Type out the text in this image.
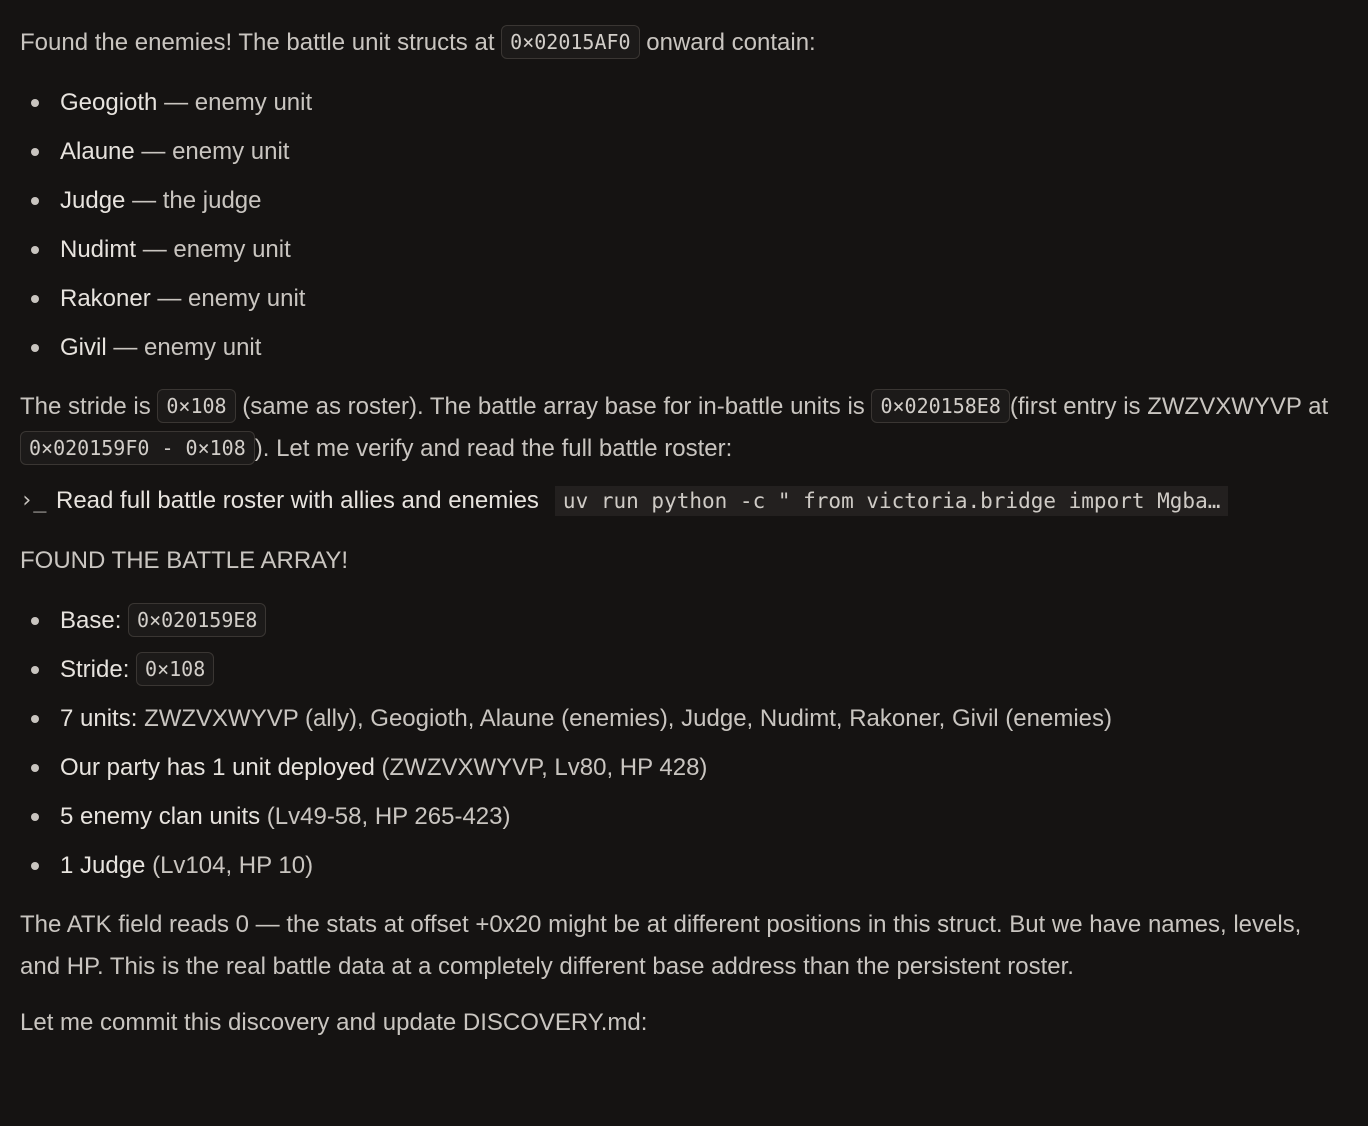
Found the enemies! The battle unit structs at 0×02015AF0 onward contain:

Geogioth — enemy unit
Alaune — enemy unit
Judge — the judge
Nudimt — enemy unit
Rakoner — enemy unit
Givil — enemy unit

The stride is 0×108 (same as roster). The battle array base for in-battle units is 0×020158E8 (first entry is ZWZVXWYVP at 0×020159F0 - 0×108 ). Let me verify and read the full battle roster:

›_ Read full battle roster with allies and enemies	uv run python -c " from victoria.bridge import Mgba…

FOUND THE BATTLE ARRAY!

Base: 0×020159E8
Stride: 0×108
7 units: ZWZVXWYVP (ally), Geogioth, Alaune (enemies), Judge, Nudimt, Rakoner, Givil (enemies)
Our party has 1 unit deployed (ZWZVXWYVP, Lv80, HP 428)
5 enemy clan units (Lv49-58, HP 265-423)
1 Judge (Lv104, HP 10)

The ATK field reads 0 — the stats at offset +0x20 might be at different positions in this struct. But we have names, levels, and HP. This is the real battle data at a completely different base address than the persistent roster.

Let me commit this discovery and update DISCOVERY.md:
